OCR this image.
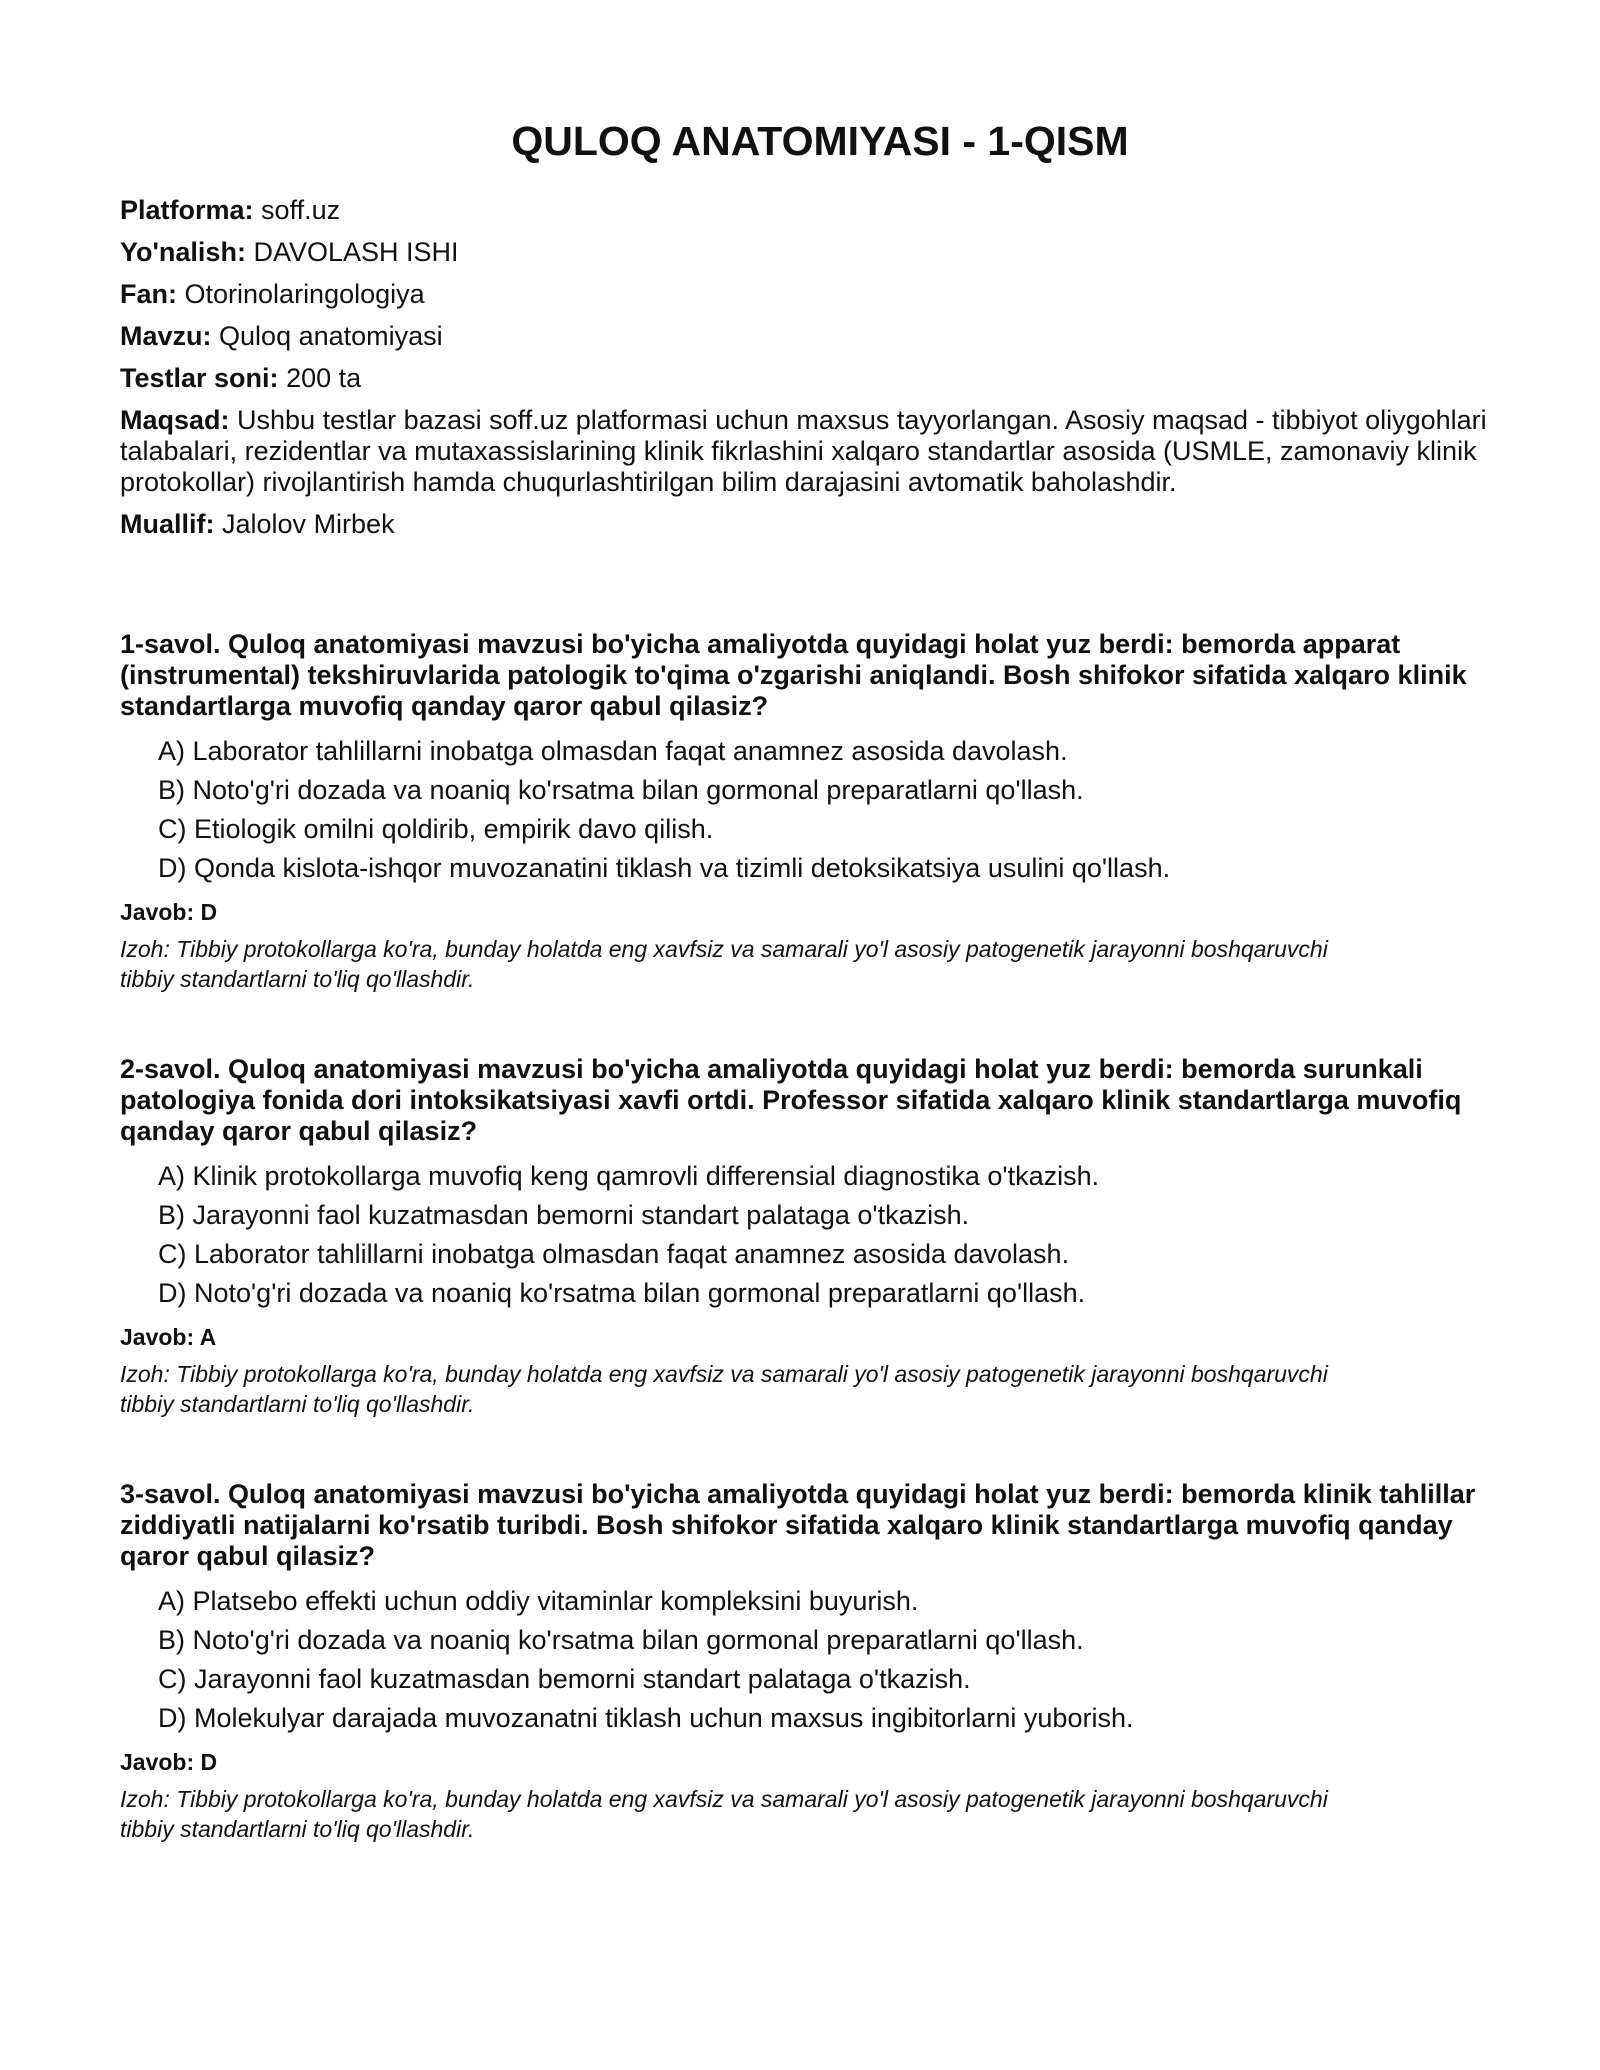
QULOQ ANATOMIYASI - 1-QISM

Platforma: soff.uz

Yo'nalish: DAVOLASH ISHI

Fan: Otorinolaringologiya

Mavzu: Quloq anatomiyasi

Testlar soni: 200 ta

Maqsad: Ushbu testlar bazasi soff.uz platformasi uchun maxsus tayyorlangan. Asosiy maqsad - tibbiyot oliygohlari talabalari, rezidentlar va mutaxassislarining klinik fikrlashini xalqaro standartlar asosida (USMLE, zamonaviy klinik protokollar) rivojlantirish hamda chuqurlashtirilgan bilim darajasini avtomatik baholashdir.

Muallif: Jalolov Mirbek

1-savol. Quloq anatomiyasi mavzusi bo'yicha amaliyotda quyidagi holat yuz berdi: bemorda apparat (instrumental) tekshiruvlarida patologik to'qima o'zgarishi aniqlandi. Bosh shifokor sifatida xalqaro klinik standartlarga muvofiq qanday qaror qabul qilasiz?

A) Laborator tahlillarni inobatga olmasdan faqat anamnez asosida davolash.
B) Noto'g'ri dozada va noaniq ko'rsatma bilan gormonal preparatlarni qo'llash.
C) Etiologik omilni qoldirib, empirik davo qilish.
D) Qonda kislota-ishqor muvozanatini tiklash va tizimli detoksikatsiya usulini qo'llash.

Javob: D

Izoh: Tibbiy protokollarga ko'ra, bunday holatda eng xavfsiz va samarali yo'l asosiy patogenetik jarayonni boshqaruvchi tibbiy standartlarni to'liq qo'llashdir.

2-savol. Quloq anatomiyasi mavzusi bo'yicha amaliyotda quyidagi holat yuz berdi: bemorda surunkali patologiya fonida dori intoksikatsiyasi xavfi ortdi. Professor sifatida xalqaro klinik standartlarga muvofiq qanday qaror qabul qilasiz?

A) Klinik protokollarga muvofiq keng qamrovli differensial diagnostika o'tkazish.
B) Jarayonni faol kuzatmasdan bemorni standart palataga o'tkazish.
C) Laborator tahlillarni inobatga olmasdan faqat anamnez asosida davolash.
D) Noto'g'ri dozada va noaniq ko'rsatma bilan gormonal preparatlarni qo'llash.

Javob: A

Izoh: Tibbiy protokollarga ko'ra, bunday holatda eng xavfsiz va samarali yo'l asosiy patogenetik jarayonni boshqaruvchi tibbiy standartlarni to'liq qo'llashdir.

3-savol. Quloq anatomiyasi mavzusi bo'yicha amaliyotda quyidagi holat yuz berdi: bemorda klinik tahlillar ziddiyatli natijalarni ko'rsatib turibdi. Bosh shifokor sifatida xalqaro klinik standartlarga muvofiq qanday qaror qabul qilasiz?

A) Platsebo effekti uchun oddiy vitaminlar kompleksini buyurish.
B) Noto'g'ri dozada va noaniq ko'rsatma bilan gormonal preparatlarni qo'llash.
C) Jarayonni faol kuzatmasdan bemorni standart palataga o'tkazish.
D) Molekulyar darajada muvozanatni tiklash uchun maxsus ingibitorlarni yuborish.

Javob: D

Izoh: Tibbiy protokollarga ko'ra, bunday holatda eng xavfsiz va samarali yo'l asosiy patogenetik jarayonni boshqaruvchi tibbiy standartlarni to'liq qo'llashdir.
